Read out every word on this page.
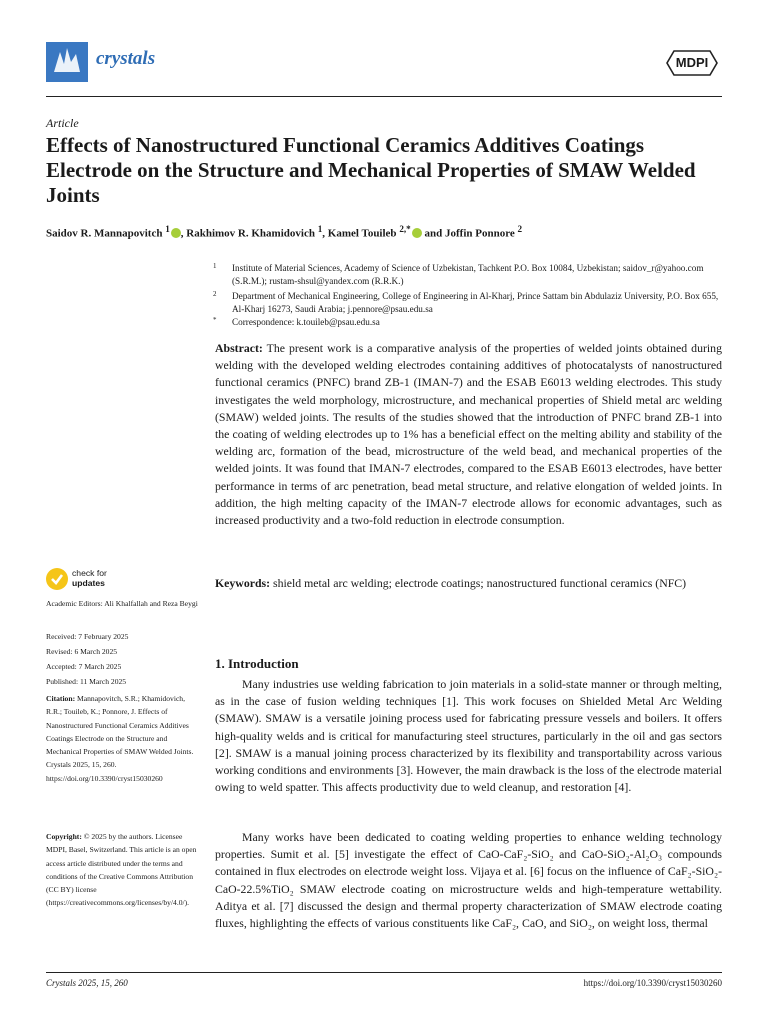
crystals	MDPI
Article
Effects of Nanostructured Functional Ceramics Additives Coatings Electrode on the Structure and Mechanical Properties of SMAW Welded Joints
Saidov R. Mannapovitch $^1$ , Rakhimov R. Khamidovich $^1$, Kamel Touileb $^{2,*}$ and Joffin Ponnore $^2$
1 Institute of Material Sciences, Academy of Science of Uzbekistan, Tachkent P.O. Box 10084, Uzbekistan; saidov_r@yahoo.com (S.R.M.); rustam-shsul@yandex.com (R.R.K.)
2 Department of Mechanical Engineering, College of Engineering in Al-Kharj, Prince Sattam bin Abdulaziz University, P.O. Box 655, Al-Kharj 16273, Saudi Arabia; j.pennore@psau.edu.sa
* Correspondence: k.touileb@psau.edu.sa
Abstract: The present work is a comparative analysis of the properties of welded joints obtained during welding with the developed welding electrodes containing additives of photocatalysts of nanostructured functional ceramics (PNFC) brand ZB-1 (IMAN-7) and the ESAB E6013 welding electrodes. This study investigates the weld morphology, microstructure, and mechanical properties of Shield metal arc welding (SMAW) welded joints. The results of the studies showed that the introduction of PNFC brand ZB-1 into the coating of welding electrodes up to 1% has a beneficial effect on the melting ability and stability of the welding arc, formation of the bead, microstructure of the weld bead, and mechanical properties of the welded joints. It was found that IMAN-7 electrodes, compared to the ESAB E6013 electrodes, have better performance in terms of arc penetration, bead metal structure, and relative elongation of welded joints. In addition, the high melting capacity of the IMAN-7 electrode allows for economic advantages, such as increased productivity and a two-fold reduction in electrode consumption.
Keywords: shield metal arc welding; electrode coatings; nanostructured functional ceramics (NFC)
check for
updates
Academic Editors: Ali Khalfallah and Reza Beygi
Received: 7 February 2025
Revised: 6 March 2025
Accepted: 7 March 2025
Published: 11 March 2025
Citation: Mannapovitch, S.R.; Khamidovich, R.R.; Touileb, K.; Ponnore, J. Effects of Nanostructured Functional Ceramics Additives Coatings Electrode on the Structure and Mechanical Properties of SMAW Welded Joints. Crystals 2025, 15, 260. https://doi.org/10.3390/cryst15030260
Copyright: © 2025 by the authors. Licensee MDPI, Basel, Switzerland. This article is an open access article distributed under the terms and conditions of the Creative Commons Attribution (CC BY) license (https://creativecommons.org/licenses/by/4.0/).
1. Introduction
Many industries use welding fabrication to join materials in a solid-state manner or through melting, as in the case of fusion welding techniques [1]. This work focuses on Shielded Metal Arc Welding (SMAW). SMAW is a versatile joining process used for fabricating pressure vessels and boilers. It offers high-quality welds and is critical for manufacturing steel structures, particularly in the oil and gas sectors [2]. SMAW is a manual joining process characterized by its flexibility and transportability across various working conditions and environments [3]. However, the main drawback is the loss of the electrode material owing to weld spatter. This affects productivity due to weld cleanup, and restoration [4].
Many works have been dedicated to coating welding properties to enhance welding technology properties. Sumit et al. [5] investigate the effect of CaO-CaF₂-SiO₂ and CaO-SiO₂-Al₂O₃ compounds contained in flux electrodes on electrode weight loss. Vijaya et al. [6] focus on the influence of CaF₂-SiO₂-CaO-22.5%TiO₂ SMAW electrode coating on microstructure welds and high-temperature wettability. Aditya et al. [7] discussed the design and thermal property characterization of SMAW electrode coating fluxes, highlighting the effects of various constituents like CaF₂, CaO, and SiO₂, on weight loss, thermal
Crystals 2025, 15, 260	https://doi.org/10.3390/cryst15030260
